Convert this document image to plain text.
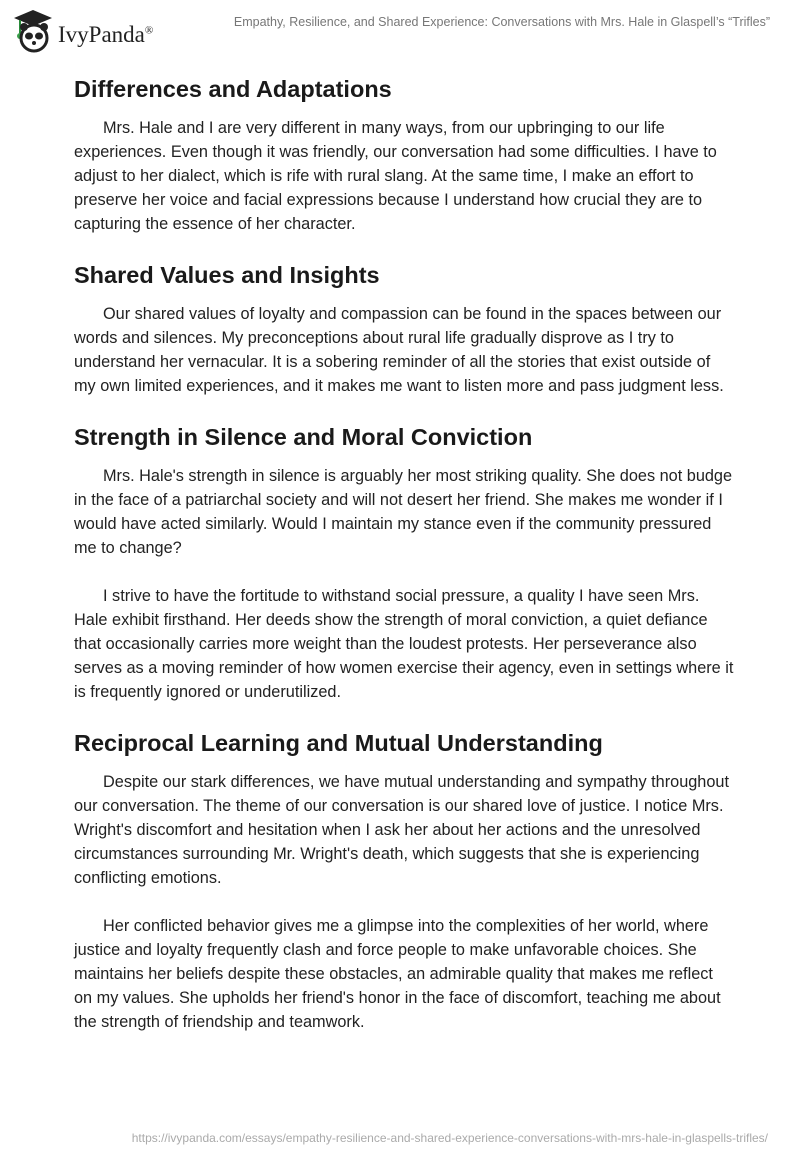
IvyPanda®
Empathy, Resilience, and Shared Experience: Conversations with Mrs. Hale in Glaspell’s “Trifles”
Differences and Adaptations

Mrs. Hale and I are very different in many ways, from our upbringing to our life experiences. Even though it was friendly, our conversation had some difficulties. I have to adjust to her dialect, which is rife with rural slang. At the same time, I make an effort to preserve her voice and facial expressions because I understand how crucial they are to capturing the essence of her character.

Shared Values and Insights

Our shared values of loyalty and compassion can be found in the spaces between our words and silences. My preconceptions about rural life gradually disprove as I try to understand her vernacular. It is a sobering reminder of all the stories that exist outside of my own limited experiences, and it makes me want to listen more and pass judgment less.

Strength in Silence and Moral Conviction

Mrs. Hale's strength in silence is arguably her most striking quality. She does not budge in the face of a patriarchal society and will not desert her friend. She makes me wonder if I would have acted similarly. Would I maintain my stance even if the community pressured me to change?

I strive to have the fortitude to withstand social pressure, a quality I have seen Mrs. Hale exhibit firsthand. Her deeds show the strength of moral conviction, a quiet defiance that occasionally carries more weight than the loudest protests. Her perseverance also serves as a moving reminder of how women exercise their agency, even in settings where it is frequently ignored or underutilized.

Reciprocal Learning and Mutual Understanding

Despite our stark differences, we have mutual understanding and sympathy throughout our conversation. The theme of our conversation is our shared love of justice. I notice Mrs. Wright's discomfort and hesitation when I ask her about her actions and the unresolved circumstances surrounding Mr. Wright's death, which suggests that she is experiencing conflicting emotions.

Her conflicted behavior gives me a glimpse into the complexities of her world, where justice and loyalty frequently clash and force people to make unfavorable choices. She maintains her beliefs despite these obstacles, an admirable quality that makes me reflect on my values. She upholds her friend's honor in the face of discomfort, teaching me about the strength of friendship and teamwork.

https://ivypanda.com/essays/empathy-resilience-and-shared-experience-conversations-with-mrs-hale-in-glaspells-trifles/
